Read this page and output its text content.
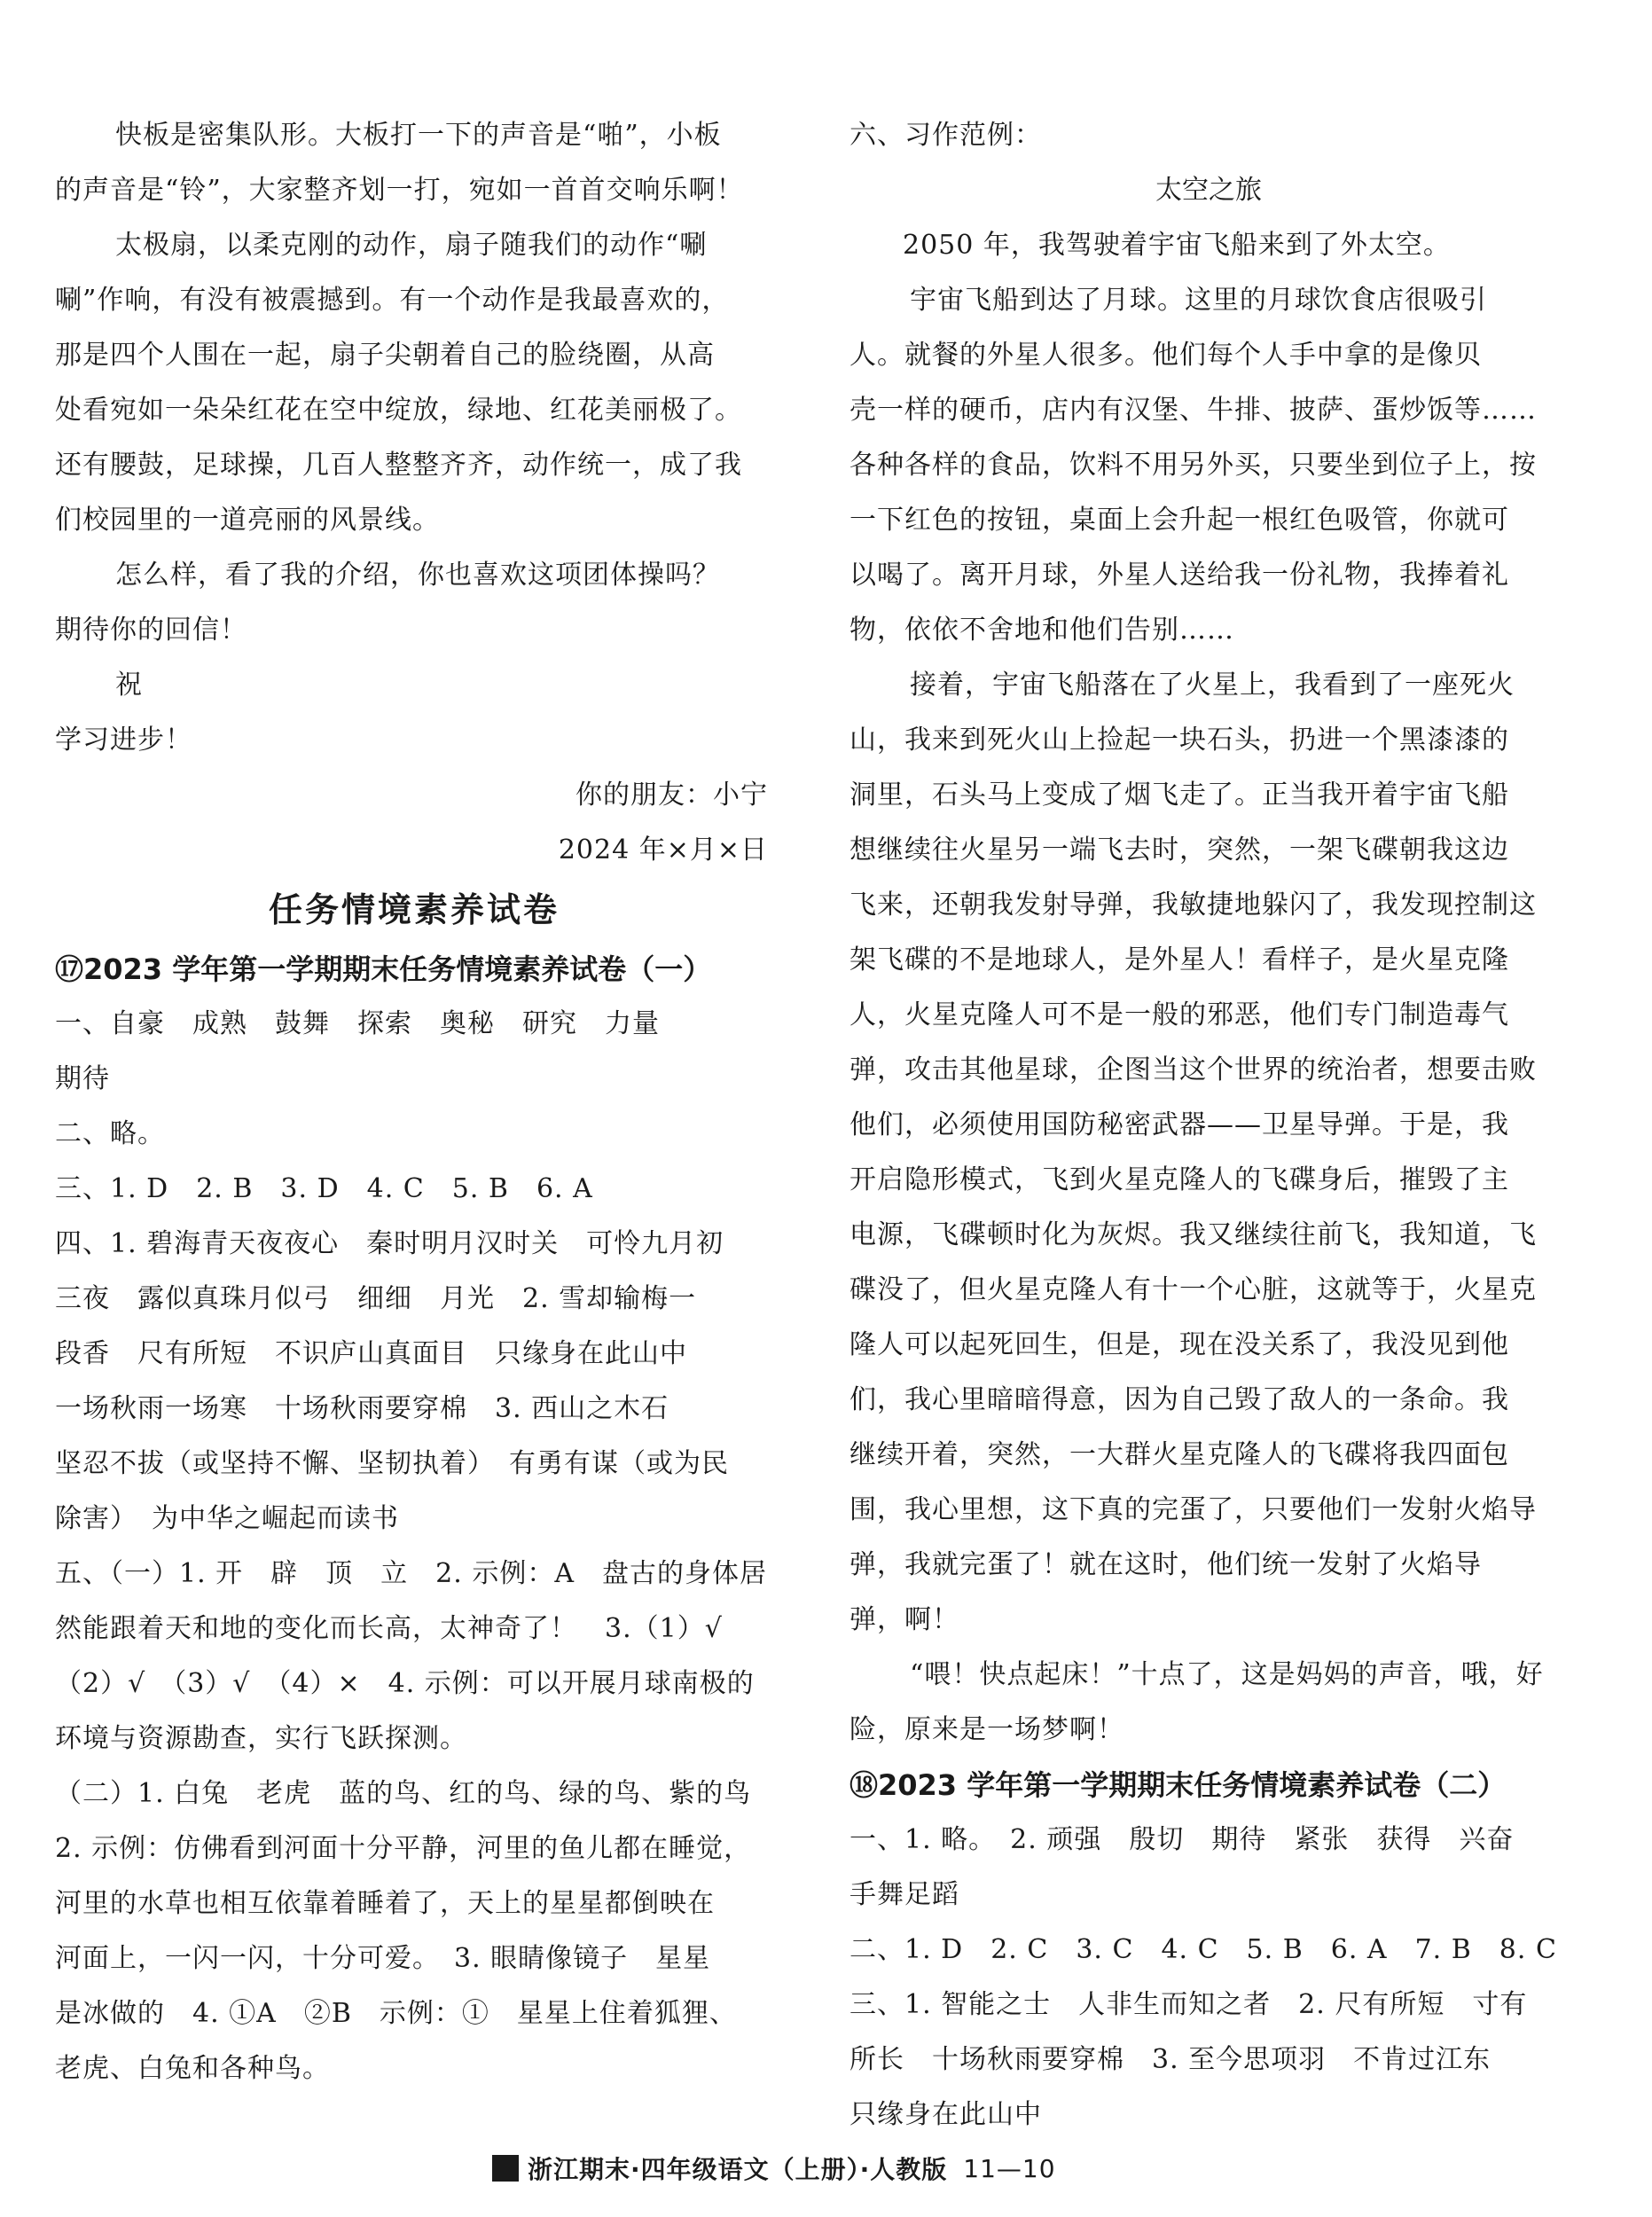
快板是密集队形。大板打一下的声音是“啪”，小板
的声音是“铃”，大家整齐划一打，宛如一首首交响乐啊！
太极扇，以柔克刚的动作，扇子随我们的动作“唰
唰”作响，有没有被震撼到。有一个动作是我最喜欢的，
那是四个人围在一起，扇子尖朝着自己的脸绕圈，从高
处看宛如一朵朵红花在空中绽放，绿地、红花美丽极了。
还有腰鼓，足球操，几百人整整齐齐，动作统一，成了我
们校园里的一道亮丽的风景线。
怎么样，看了我的介绍，你也喜欢这项团体操吗？
期待你的回信！
祝
学习进步！
你的朋友：小宁
2024 年×月×日
任务情境素养试卷
⑰2023 学年第一学期期末任务情境素养试卷（一）
一、自豪　成熟　鼓舞　探索　奥秘　研究　力量
期待
二、略。
三、1. D　2. B　3. D　4. C　5. B　6. A
四、1. 碧海青天夜夜心　秦时明月汉时关　可怜九月初
三夜　露似真珠月似弓　细细　月光　2. 雪却输梅一
段香　尺有所短　不识庐山真面目　只缘身在此山中
一场秋雨一场寒　十场秋雨要穿棉　3. 西山之木石
坚忍不拔（或坚持不懈、坚韧执着）　有勇有谋（或为民
除害）　为中华之崛起而读书
五、（一）1. 开　辟　顶　立　2. 示例：A　盘古的身体居
然能跟着天和地的变化而长高，太神奇了！　3.（1）√
（2）√　（3）√　（4）×　4. 示例：可以开展月球南极的
环境与资源勘查，实行飞跃探测。
（二）1. 白兔　老虎　蓝的鸟、红的鸟、绿的鸟、紫的鸟
2. 示例：仿佛看到河面十分平静，河里的鱼儿都在睡觉，
河里的水草也相互依靠着睡着了，天上的星星都倒映在
河面上，一闪一闪，十分可爱。　3. 眼睛像镜子　星星
是冰做的　4. ①A　②B　示例：①　星星上住着狐狸、
老虎、白兔和各种鸟。
六、习作范例：
太空之旅
2050 年，我驾驶着宇宙飞船来到了外太空。
宇宙飞船到达了月球。这里的月球饮食店很吸引
人。就餐的外星人很多。他们每个人手中拿的是像贝
壳一样的硬币，店内有汉堡、牛排、披萨、蛋炒饭等……
各种各样的食品，饮料不用另外买，只要坐到位子上，按
一下红色的按钮，桌面上会升起一根红色吸管，你就可
以喝了。离开月球，外星人送给我一份礼物，我捧着礼
物，依依不舍地和他们告别……
接着，宇宙飞船落在了火星上，我看到了一座死火
山，我来到死火山上捡起一块石头，扔进一个黑漆漆的
洞里，石头马上变成了烟飞走了。正当我开着宇宙飞船
想继续往火星另一端飞去时，突然，一架飞碟朝我这边
飞来，还朝我发射导弹，我敏捷地躲闪了，我发现控制这
架飞碟的不是地球人，是外星人！看样子，是火星克隆
人，火星克隆人可不是一般的邪恶，他们专门制造毒气
弹，攻击其他星球，企图当这个世界的统治者，想要击败
他们，必须使用国防秘密武器——卫星导弹。于是，我
开启隐形模式，飞到火星克隆人的飞碟身后，摧毁了主
电源，飞碟顿时化为灰烬。我又继续往前飞，我知道，飞
碟没了，但火星克隆人有十一个心脏，这就等于，火星克
隆人可以起死回生，但是，现在没关系了，我没见到他
们，我心里暗暗得意，因为自己毁了敌人的一条命。我
继续开着，突然，一大群火星克隆人的飞碟将我四面包
围，我心里想，这下真的完蛋了，只要他们一发射火焰导
弹，我就完蛋了！就在这时，他们统一发射了火焰导
弹，啊！
“喂！快点起床！”十点了，这是妈妈的声音，哦，好
险，原来是一场梦啊！
⑱2023 学年第一学期期末任务情境素养试卷（二）
一、1. 略。　2. 顽强　殷切　期待　紧张　获得　兴奋
手舞足蹈
二、1. D　2. C　3. C　4. C　5. B　6. A　7. B　8. C
三、1. 智能之士　人非生而知之者　2. 尺有所短　寸有
所长　十场秋雨要穿棉　3. 至今思项羽　不肯过江东
只缘身在此山中
浙江期末·四年级语文（上册）·人教版 11—10
